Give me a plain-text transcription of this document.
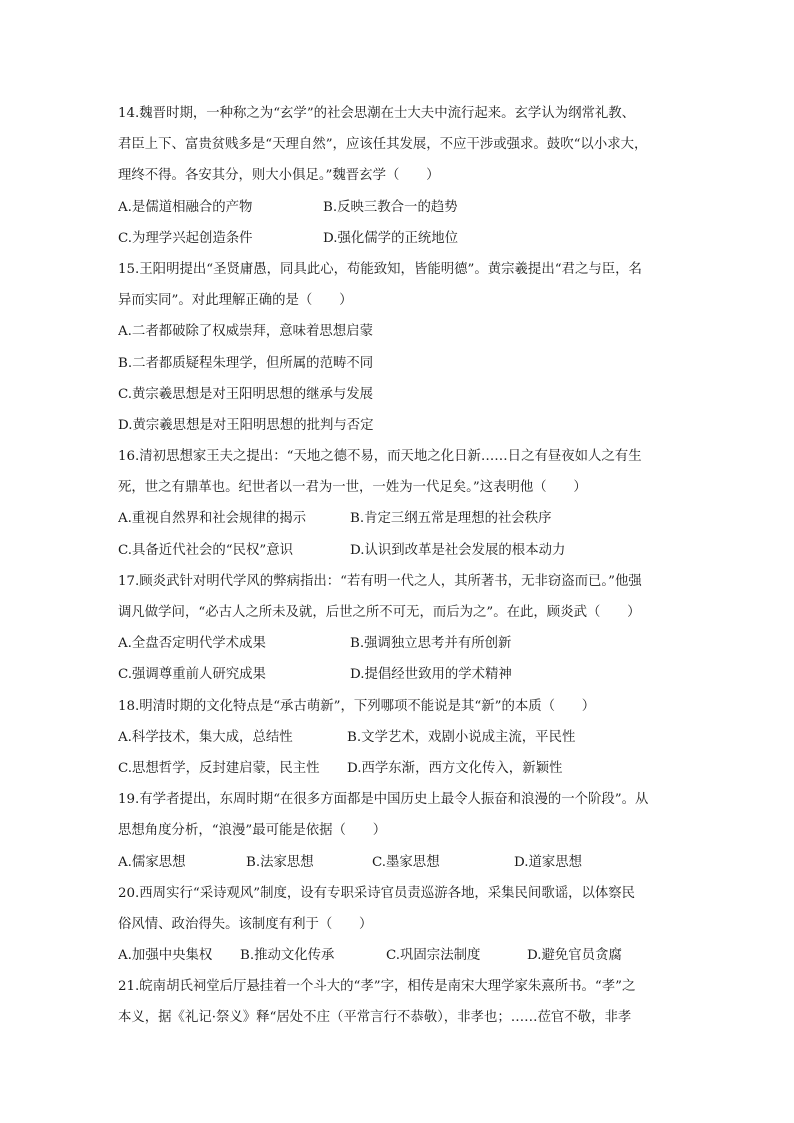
14.魏晋时期，一种称之为“玄学”的社会思潮在士大夫中流行起来。玄学认为纲常礼教、
君臣上下、富贵贫贱多是“天理自然”，应该任其发展，不应干涉或强求。鼓吹“以小求大，
理终不得。各安其分，则大小俱足。”魏晋玄学（　　）
A.是儒道相融合的产物	B.反映三教合一的趋势
C.为理学兴起创造条件	D.强化儒学的正统地位
15.王阳明提出“圣贤庸愚，同具此心，苟能致知，皆能明德”。黄宗羲提出“君之与臣，名
异而实同”。对此理解正确的是（　　）
A.二者都破除了权威崇拜，意味着思想启蒙
B.二者都质疑程朱理学，但所属的范畴不同
C.黄宗羲思想是对王阳明思想的继承与发展
D.黄宗羲思想是对王阳明思想的批判与否定
16.清初思想家王夫之提出：“天地之德不易，而天地之化日新……日之有昼夜如人之有生
死，世之有鼎革也。纪世者以一君为一世，一姓为一代足矣。”这表明他（　　）
A.重视自然界和社会规律的揭示	B.肯定三纲五常是理想的社会秩序
C.具备近代社会的“民权”意识	D.认识到改革是社会发展的根本动力
17.顾炎武针对明代学风的弊病指出：“若有明一代之人，其所著书，无非窃盗而已。”他强
调凡做学问，“必古人之所未及就，后世之所不可无，而后为之”。在此，顾炎武（　　）
A.全盘否定明代学术成果	B.强调独立思考并有所创新
C.强调尊重前人研究成果	D.提倡经世致用的学术精神
18.明清时期的文化特点是“承古萌新”，下列哪项不能说是其“新”的本质（　　）
A.科学技术，集大成，总结性	B.文学艺术，戏剧小说成主流，平民性
C.思想哲学，反封建启蒙，民主性	D.西学东渐，西方文化传入，新颖性
19.有学者提出，东周时期“在很多方面都是中国历史上最令人振奋和浪漫的一个阶段”。从
思想角度分析，“浪漫”最可能是依据（　　）
A.儒家思想	B.法家思想	C.墨家思想	D.道家思想
20.西周实行“采诗观风”制度，设有专职采诗官员责巡游各地，采集民间歌谣，以体察民
俗风情、政治得失。该制度有利于（　　）
A.加强中央集权	B.推动文化传承	C.巩固宗法制度	D.避免官员贪腐
21.皖南胡氏祠堂后厅悬挂着一个斗大的“孝”字，相传是南宋大理学家朱熹所书。“孝”之
本义，据《礼记·祭义》释“居处不庄（平常言行不恭敬），非孝也；……莅官不敬，非孝
